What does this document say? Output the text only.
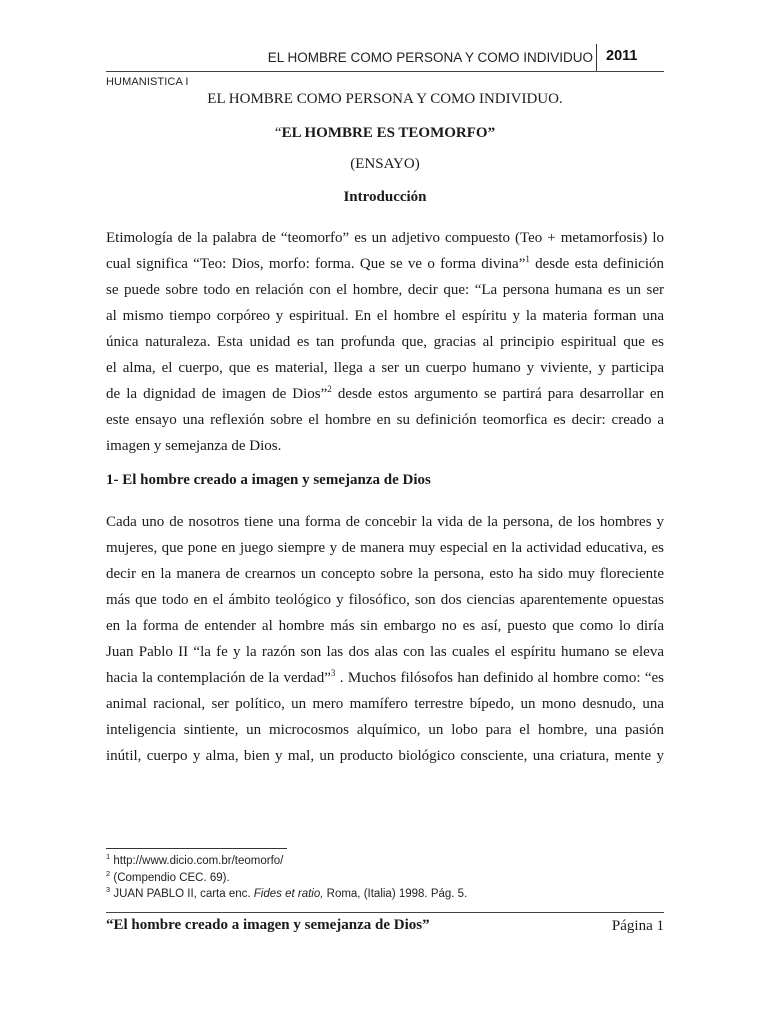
EL HOMBRE COMO PERSONA Y COMO INDIVIDUO 2011
HUMANISTICA I
EL HOMBRE COMO PERSONA Y COMO INDIVIDUO.
“EL HOMBRE ES TEOMORFO”
(ENSAYO)
Introducción

Etimología de la palabra de “teomorfo” es un adjetivo compuesto (Teo + metamorfosis) lo
cual significa “Teo: Dios, morfo: forma. Que se ve o forma divina”$^1$ desde esta definición
se puede sobre todo en relación con el hombre, decir que: “La persona humana es un ser
al mismo tiempo corpóreo y espiritual. En el hombre el espíritu y la materia forman una
única naturaleza. Esta unidad es tan profunda que, gracias al principio espiritual que es
el alma, el cuerpo, que es material, llega a ser un cuerpo humano y viviente, y participa
de la dignidad de imagen de Dios”$^2$ desde estos argumento se partirá para desarrollar en
este ensayo una reflexión sobre el hombre en su definición teomorfica es decir: creado a
imagen y semejanza de Dios.

1- El hombre creado a imagen y semejanza de Dios

Cada uno de nosotros tiene una forma de concebir la vida de la persona, de los hombres y
mujeres, que pone en juego siempre y de manera muy especial en la actividad educativa, es
decir en la manera de crearnos un concepto sobre la persona, esto ha sido muy floreciente
más que todo en el ámbito teológico y filosófico, son dos ciencias aparentemente opuestas
en la forma de entender al hombre más sin embargo no es así, puesto que como lo diría
Juan Pablo II “la fe y la razón son las dos alas con las cuales el espíritu humano se eleva
hacia la contemplación de la verdad”$^3$ . Muchos filósofos han definido al hombre como: “es
animal racional, ser político, un mero mamífero terrestre bípedo, un mono desnudo, una
inteligencia sintiente, un microcosmos alquímico, un lobo para el hombre, una pasión
inútil, cuerpo y alma, bien y mal, un producto biológico consciente, una criatura, mente y

$^1$ http://www.dicio.com.br/teomorfo/
$^2$ (Compendio CEC. 69).
$^3$ JUAN PABLO II, carta enc. Fides et ratio, Roma, (Italia) 1998. Pág. 5.
“El hombre creado a imagen y semejanza de Dios”	Página 1
